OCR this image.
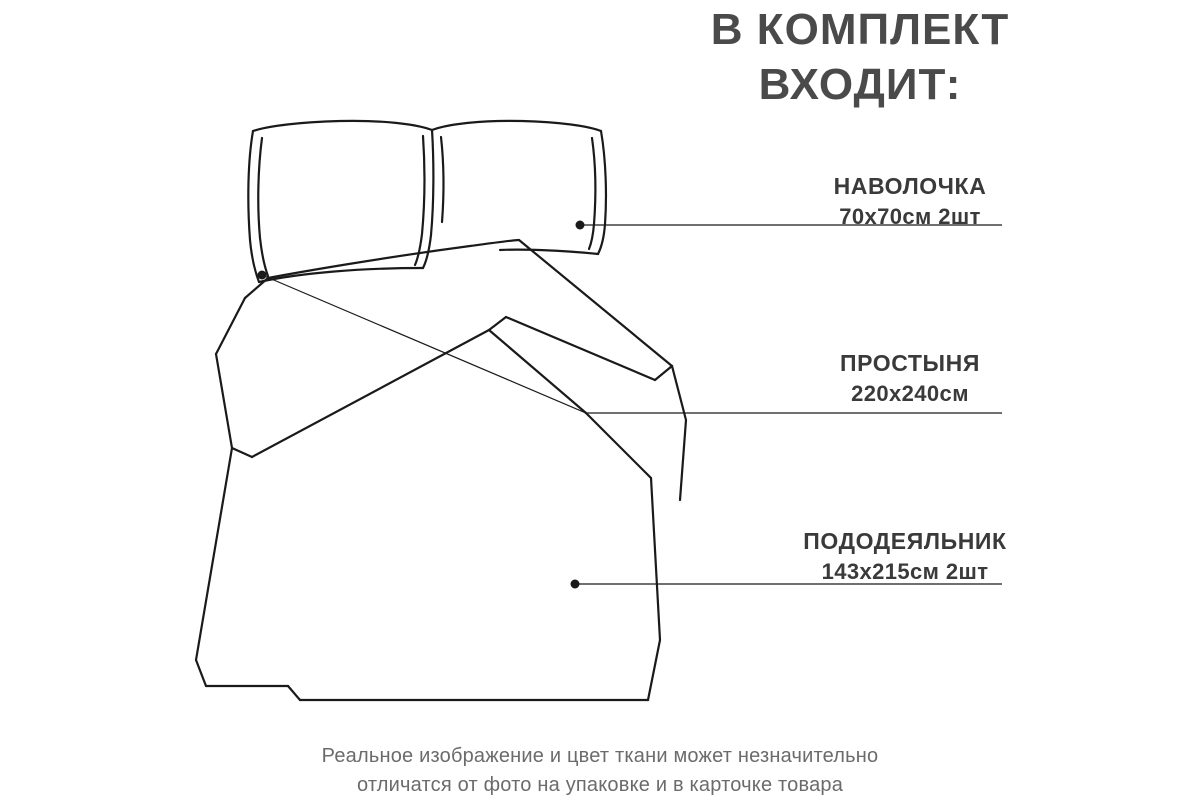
В КОМПЛЕКТ
ВХОДИТ:
НАВОЛОЧКА
70х70см 2шт
ПРОСТЫНЯ
220х240см
ПОДОДЕЯЛЬНИК
143х215см 2шт
Реальное изображение и цвет ткани может незначительно
отличатся от фото на упаковке и в карточке товара
